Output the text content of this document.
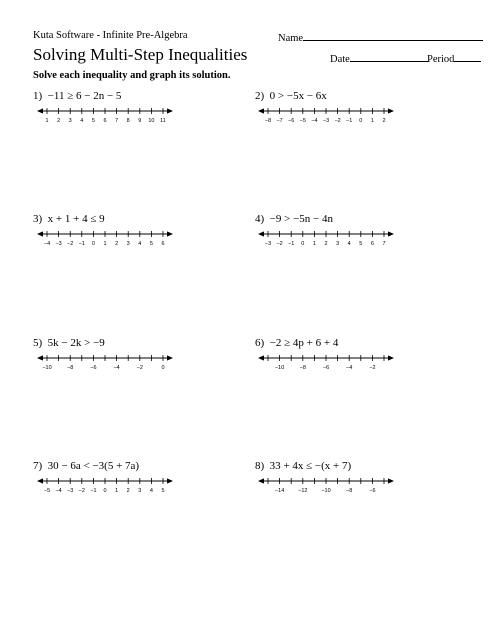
Kuta Software - Infinite Pre-Algebra	Name
Solving Multi-Step Inequalities	Date	Period
Solve each inequality and graph its solution.
1) −11 ≥ 6 − 2n − 5
1 2 3 4 5 6 7 8 9 10 11
2) 0 > −5x − 6x
−8 −7 −6 −5 −4 −3 −2 −1 0 1 2
3) x + 1 + 4 ≤ 9
−4 −3 −2 −1 0 1 2 3 4 5 6
4) −9 > −5n − 4n
−3 −2 −1 0 1 2 3 4 5 6 7
5) 5k − 2k > −9
−10	−8	−6	−4	−2	0
6) −2 ≥ 4p + 6 + 4
−10	−8	−6	−4	−2
7) 30 − 6a < −3(5 + 7a)
−5 −4 −3 −2 −1 0 1 2 3 4 5
8) 33 + 4x ≤ −(x + 7)
−14	−12	−10	−8	−6
